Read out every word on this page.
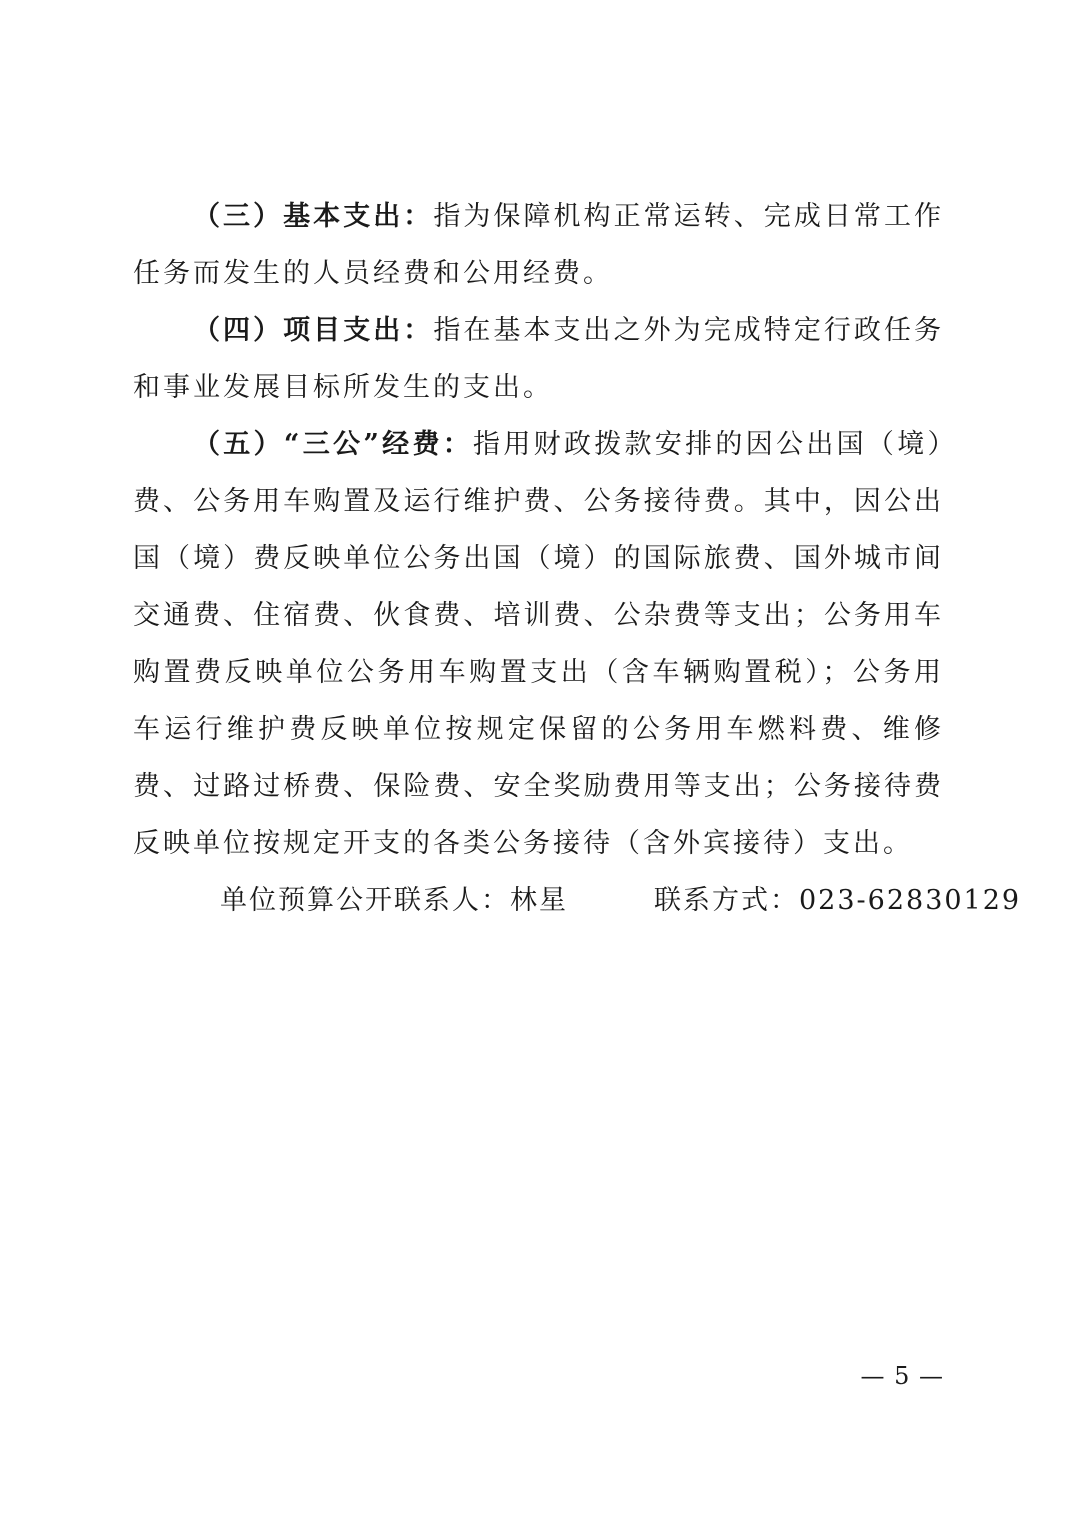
（三）基本支出：指为保障机构正常运转、完成日常工作任务而发生的人员经费和公用经费。

（四）项目支出：指在基本支出之外为完成特定行政任务和事业发展目标所发生的支出。

（五）“三公”经费：指用财政拨款安排的因公出国（境）费、公务用车购置及运行维护费、公务接待费。其中，因公出国（境）费反映单位公务出国（境）的国际旅费、国外城市间交通费、住宿费、伙食费、培训费、公杂费等支出；公务用车购置费反映单位公务用车购置支出（含车辆购置税）；公务用车运行维护费反映单位按规定保留的公务用车燃料费、维修费、过路过桥费、保险费、安全奖励费用等支出；公务接待费反映单位按规定开支的各类公务接待（含外宾接待）支出。

单位预算公开联系人：林星	联系方式：023-62830129

— 5 —
